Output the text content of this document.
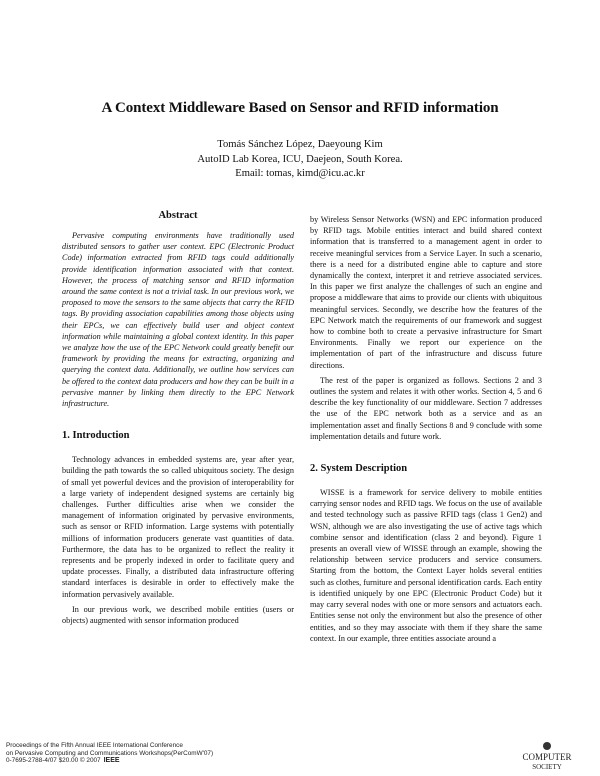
A Context Middleware Based on Sensor and RFID information
Tomás Sánchez López, Daeyoung Kim
AutoID Lab Korea, ICU, Daejeon, South Korea.
Email: tomas, kimd@icu.ac.kr
Abstract

Pervasive computing environments have traditionally used distributed sensors to gather user context. EPC (Electronic Product Code) information extracted from RFID tags could additionally provide identification information associated with that context. However, the process of matching sensor and RFID information around the same context is not a trivial task. In our previous work, we proposed to move the sensors to the same objects that carry the RFID tags. By providing association capabilities among those objects using their EPCs, we can effectively build user and object context information while maintaining a global context identity. In this paper we analyze how the use of the EPC Network could greatly benefit our framework by providing the means for extracting, organizing and querying the context data. Additionally, we outline how services can be offered to the context data producers and how they can be built in a pervasive manner by linking them directly to the EPC Network infrastructure.

1. Introduction

Technology advances in embedded systems are, year after year, building the path towards the so called ubiquitous society. The design of small yet powerful devices and the provision of interoperability for a large variety of independent designed systems are certainly big challenges. Further difficulties arise when we consider the management of information originated by pervasive environments, such as sensor or RFID information. Large systems with potentially millions of information producers generate vast quantities of data. Furthermore, the data has to be organized to reflect the reality it represents and be properly indexed in order to facilitate query and update processes. Finally, a distributed data infrastructure offering standard interfaces is desirable in order to effectively make the information pervasively available.

In our previous work, we described mobile entities (users or objects) augmented with sensor information produced

by Wireless Sensor Networks (WSN) and EPC information produced by RFID tags. Mobile entities interact and build shared context information that is transferred to a management agent in order to receive meaningful services from a Service Layer. In such a scenario, there is a need for a distributed engine able to capture and store dynamically the context, interpret it and retrieve associated services. In this paper we first analyze the challenges of such an engine and propose a middleware that aims to provide our clients with ubiquitous meaningful services. Secondly, we describe how the features of the EPC Network match the requirements of our framework and suggest how to combine both to create a pervasive infrastructure for Smart Environments. Finally we report our experience on the implementation of part of the infrastructure and discuss future directions.

The rest of the paper is organized as follows. Sections 2 and 3 outlines the system and relates it with other works. Section 4, 5 and 6 describe the key functionality of our middleware. Section 7 addresses the use of the EPC network both as a service and as an implementation asset and finally Sections 8 and 9 conclude with some implementation details and future work.

2. System Description

WISSE is a framework for service delivery to mobile entities carrying sensor nodes and RFID tags. We focus on the use of available and tested technology such as passive RFID tags (class 1 Gen2) and WSN, although we are also investigating the use of active tags which combine sensor and identification (class 2 and beyond). Figure 1 presents an overall view of WISSE through an example, showing the relationship between service producers and service consumers. Starting from the bottom, the Context Layer holds several entities such as clothes, furniture and personal identification cards. Each entity is identified uniquely by one EPC (Electronic Product Code) but it may carry several nodes with one or more sensors and actuators each. Entities sense not only the environment but also the presence of other entities, and so they may associate with them if they share the same context. In our example, three entities associate around a

Proceedings of the Fifth Annual IEEE International Conference
on Pervasive Computing and Communications Workshops(PerComW'07)
0-7695-2788-4/07 $20.00 © 2007 IEEE	COMPUTER
SOCIETY
